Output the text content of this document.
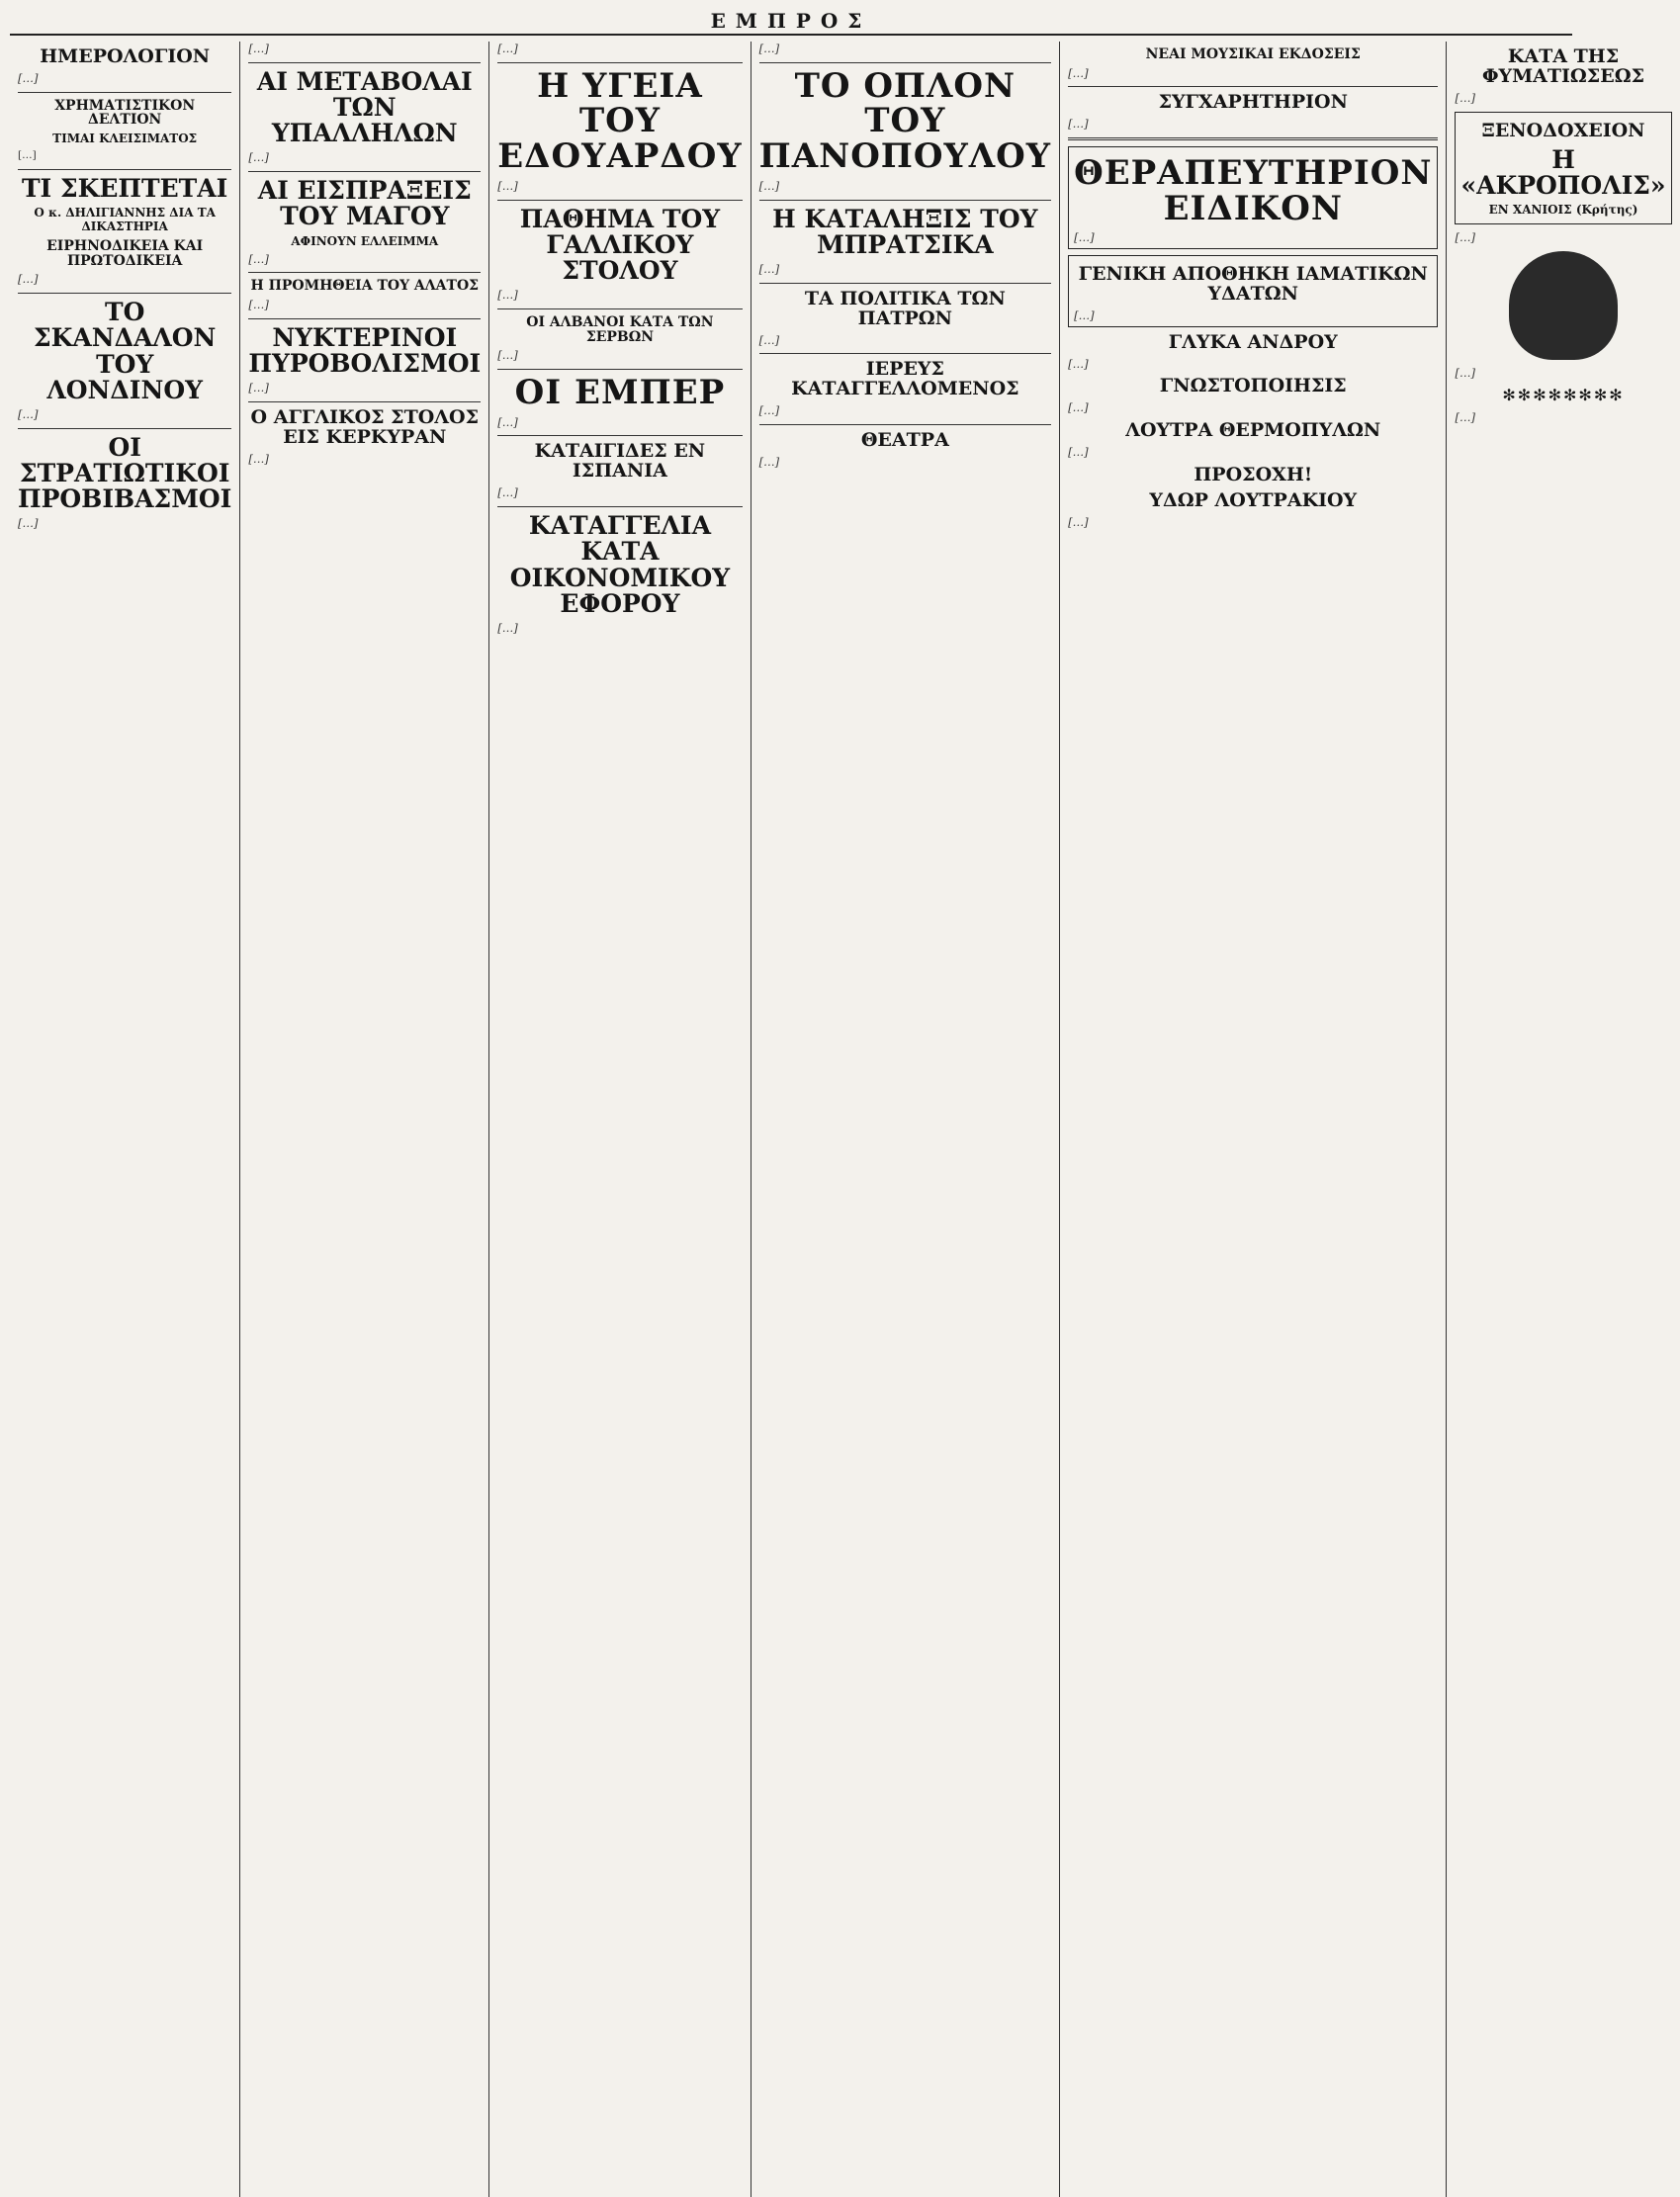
ΕΜΠΡΟΣ
ΗΜΕΡΟΛΟΓΙΟΝ
[…]
ΧΡΗΜΑΤΙΣΤΙΚΟΝ ΔΕΛΤΙΟΝ
ΤΙΜΑΙ ΚΛΕΙΣΙΜΑΤΟΣ
[…]
ΤΙ ΣΚΕΠΤΕΤΑΙ
Ο κ. ΔΗΛΙΓΙΑΝΝΗΣ ΔΙΑ ΤΑ ΔΙΚΑΣΤΗΡΙΑ
ΕΙΡΗΝΟΔΙΚΕΙΑ ΚΑΙ ΠΡΩΤΟΔΙΚΕΙΑ
[…]
ΤΟ ΣΚΑΝΔΑΛΟΝ ΤΟΥ ΛΟΝΔΙΝΟΥ
[…]
ΟΙ ΣΤΡΑΤΙΩΤΙΚΟΙ ΠΡΟΒΙΒΑΣΜΟΙ
[…]
[…]
ΑΙ ΜΕΤΑΒΟΛΑΙ ΤΩΝ ΥΠΑΛΛΗΛΩΝ
[…]
ΑΙ ΕΙΣΠΡΑΞΕΙΣ ΤΟΥ ΜΑΓΟΥ
ΑΦΙΝΟΥΝ ΕΛΛΕΙΜΜΑ
[…]
Η ΠΡΟΜΗΘΕΙΑ ΤΟΥ ΑΛΑΤΟΣ
[…]
ΝΥΚΤΕΡΙΝΟΙ ΠΥΡΟΒΟΛΙΣΜΟΙ
[…]
Ο ΑΓΓΛΙΚΟΣ ΣΤΟΛΟΣ ΕΙΣ ΚΕΡΚΥΡΑΝ
[…]
[…]
Η ΥΓΕΙΑ ΤΟΥ ΕΔΟΥΑΡΔΟΥ
[…]
ΠΑΘΗΜΑ ΤΟΥ ΓΑΛΛΙΚΟΥ ΣΤΟΛΟΥ
[…]
ΟΙ ΑΛΒΑΝΟΙ ΚΑΤΑ ΤΩΝ ΣΕΡΒΩΝ
[…]
ΟΙ ΕΜΠΕΡ
[…]
ΚΑΤΑΙΓΙΔΕΣ ΕΝ ΙΣΠΑΝΙΑ
[…]
ΚΑΤΑΓΓΕΛΙΑ ΚΑΤΑ ΟΙΚΟΝΟΜΙΚΟΥ ΕΦΟΡΟΥ
[…]
[…]
ΤΟ ΟΠΛΟΝ ΤΟΥ ΠΑΝΟΠΟΥΛΟΥ
[…]
Η ΚΑΤΑΛΗΞΙΣ ΤΟΥ ΜΠΡΑΤΣΙΚΑ
[…]
ΤΑ ΠΟΛΙΤΙΚΑ ΤΩΝ ΠΑΤΡΩΝ
[…]
ΙΕΡΕΥΣ ΚΑΤΑΓΓΕΛΛΟΜΕΝΟΣ
[…]
ΘΕΑΤΡΑ
[…]
ΝΕΑΙ ΜΟΥΣΙΚΑΙ ΕΚΔΟΣΕΙΣ
[…]
ΣΥΓΧΑΡΗΤΗΡΙΟΝ
[…]
ΘΕΡΑΠΕΥΤΗΡΙΟΝ ΕΙΔΙΚΟΝ
[…]
ΓΕΝΙΚΗ ΑΠΟΘΗΚΗ ΙΑΜΑΤΙΚΩΝ ΥΔΑΤΩΝ
[…]
ΓΛΥΚΑ ΑΝΔΡΟΥ
[…]
ΓΝΩΣΤΟΠΟΙΗΣΙΣ
[…]
ΛΟΥΤΡΑ ΘΕΡΜΟΠΥΛΩΝ
[…]
ΠΡΟΣΟΧΗ!
ΥΔΩΡ ΛΟΥΤΡΑΚΙΟΥ
[…]
ΚΑΤΑ ΤΗΣ ΦΥΜΑΤΙΩΣΕΩΣ
[…]
ΞΕΝΟΔΟΧΕΙΟΝ
Η «ΑΚΡΟΠΟΛΙΣ»
ΕΝ ΧΑΝΙΟΙΣ (Κρήτης)
[…]
[…]
✻✻✻✻✻✻✻✻
[…]
